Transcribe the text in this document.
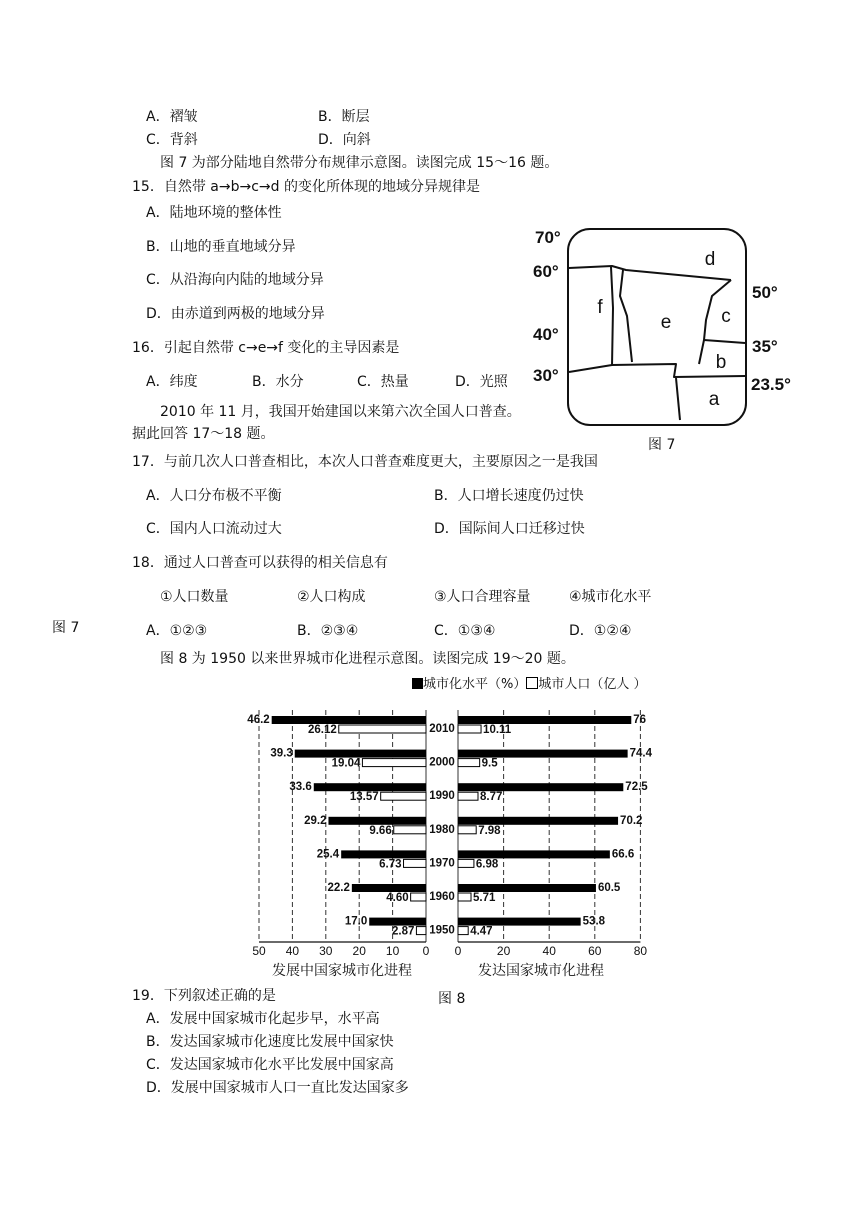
A．褶皱	B．断层
C．背斜	D．向斜
图 7 为部分陆地自然带分布规律示意图。读图完成 15～16 题。
15．自然带 a→b→c→d 的变化所体现的地域分异规律是
A．陆地环境的整体性
B．山地的垂直地域分异
C．从沿海向内陆的地域分异
D．由赤道到两极的地域分异
16．引起自然带 c→e→f 变化的主导因素是
A．纬度	B．水分	C．热量	D．光照
2010 年 11 月，我国开始建国以来第六次全国人口普查。
据此回答 17～18 题。
d
f
e	c
b
a
70°
60°
50°
40°
35°
30°	23.5°
图 7
17．与前几次人口普查相比，本次人口普查难度更大，主要原因之一是我国
A．人口分布极不平衡	B．人口增长速度仍过快
C．国内人口流动过大	D．国际间人口迁移过快
18．通过人口普查可以获得的相关信息有
①人口数量	②人口构成	③人口合理容量	④城市化水平
图 7	A．①②③	B．②③④	C．①③④	D．①②④
图 8 为 1950 以来世界城市化进程示意图。读图完成 19～20 题。
城市化水平（%） 城市人口（亿人 ）
50 40 30 20 10 0 0	20	40	60	80
2010
46.2
26.12
76
10.11
2000
39.3
19.04
74.4
9.5
1990
33.6
13.57
72.5
8.77
1980
29.2
9.66
70.2
7.98
1970
25.4
6.73
66.6
6.98
1960
22.2
4.60
60.5
5.71
1950
17.0
2.87
53.8
4.47
发展中国家城市化进程	发达国家城市化进程
图 8
19．下列叙述正确的是
A．发展中国家城市化起步早，水平高
B．发达国家城市化速度比发展中国家快
C．发达国家城市化水平比发展中国家高
D．发展中国家城市人口一直比发达国家多
